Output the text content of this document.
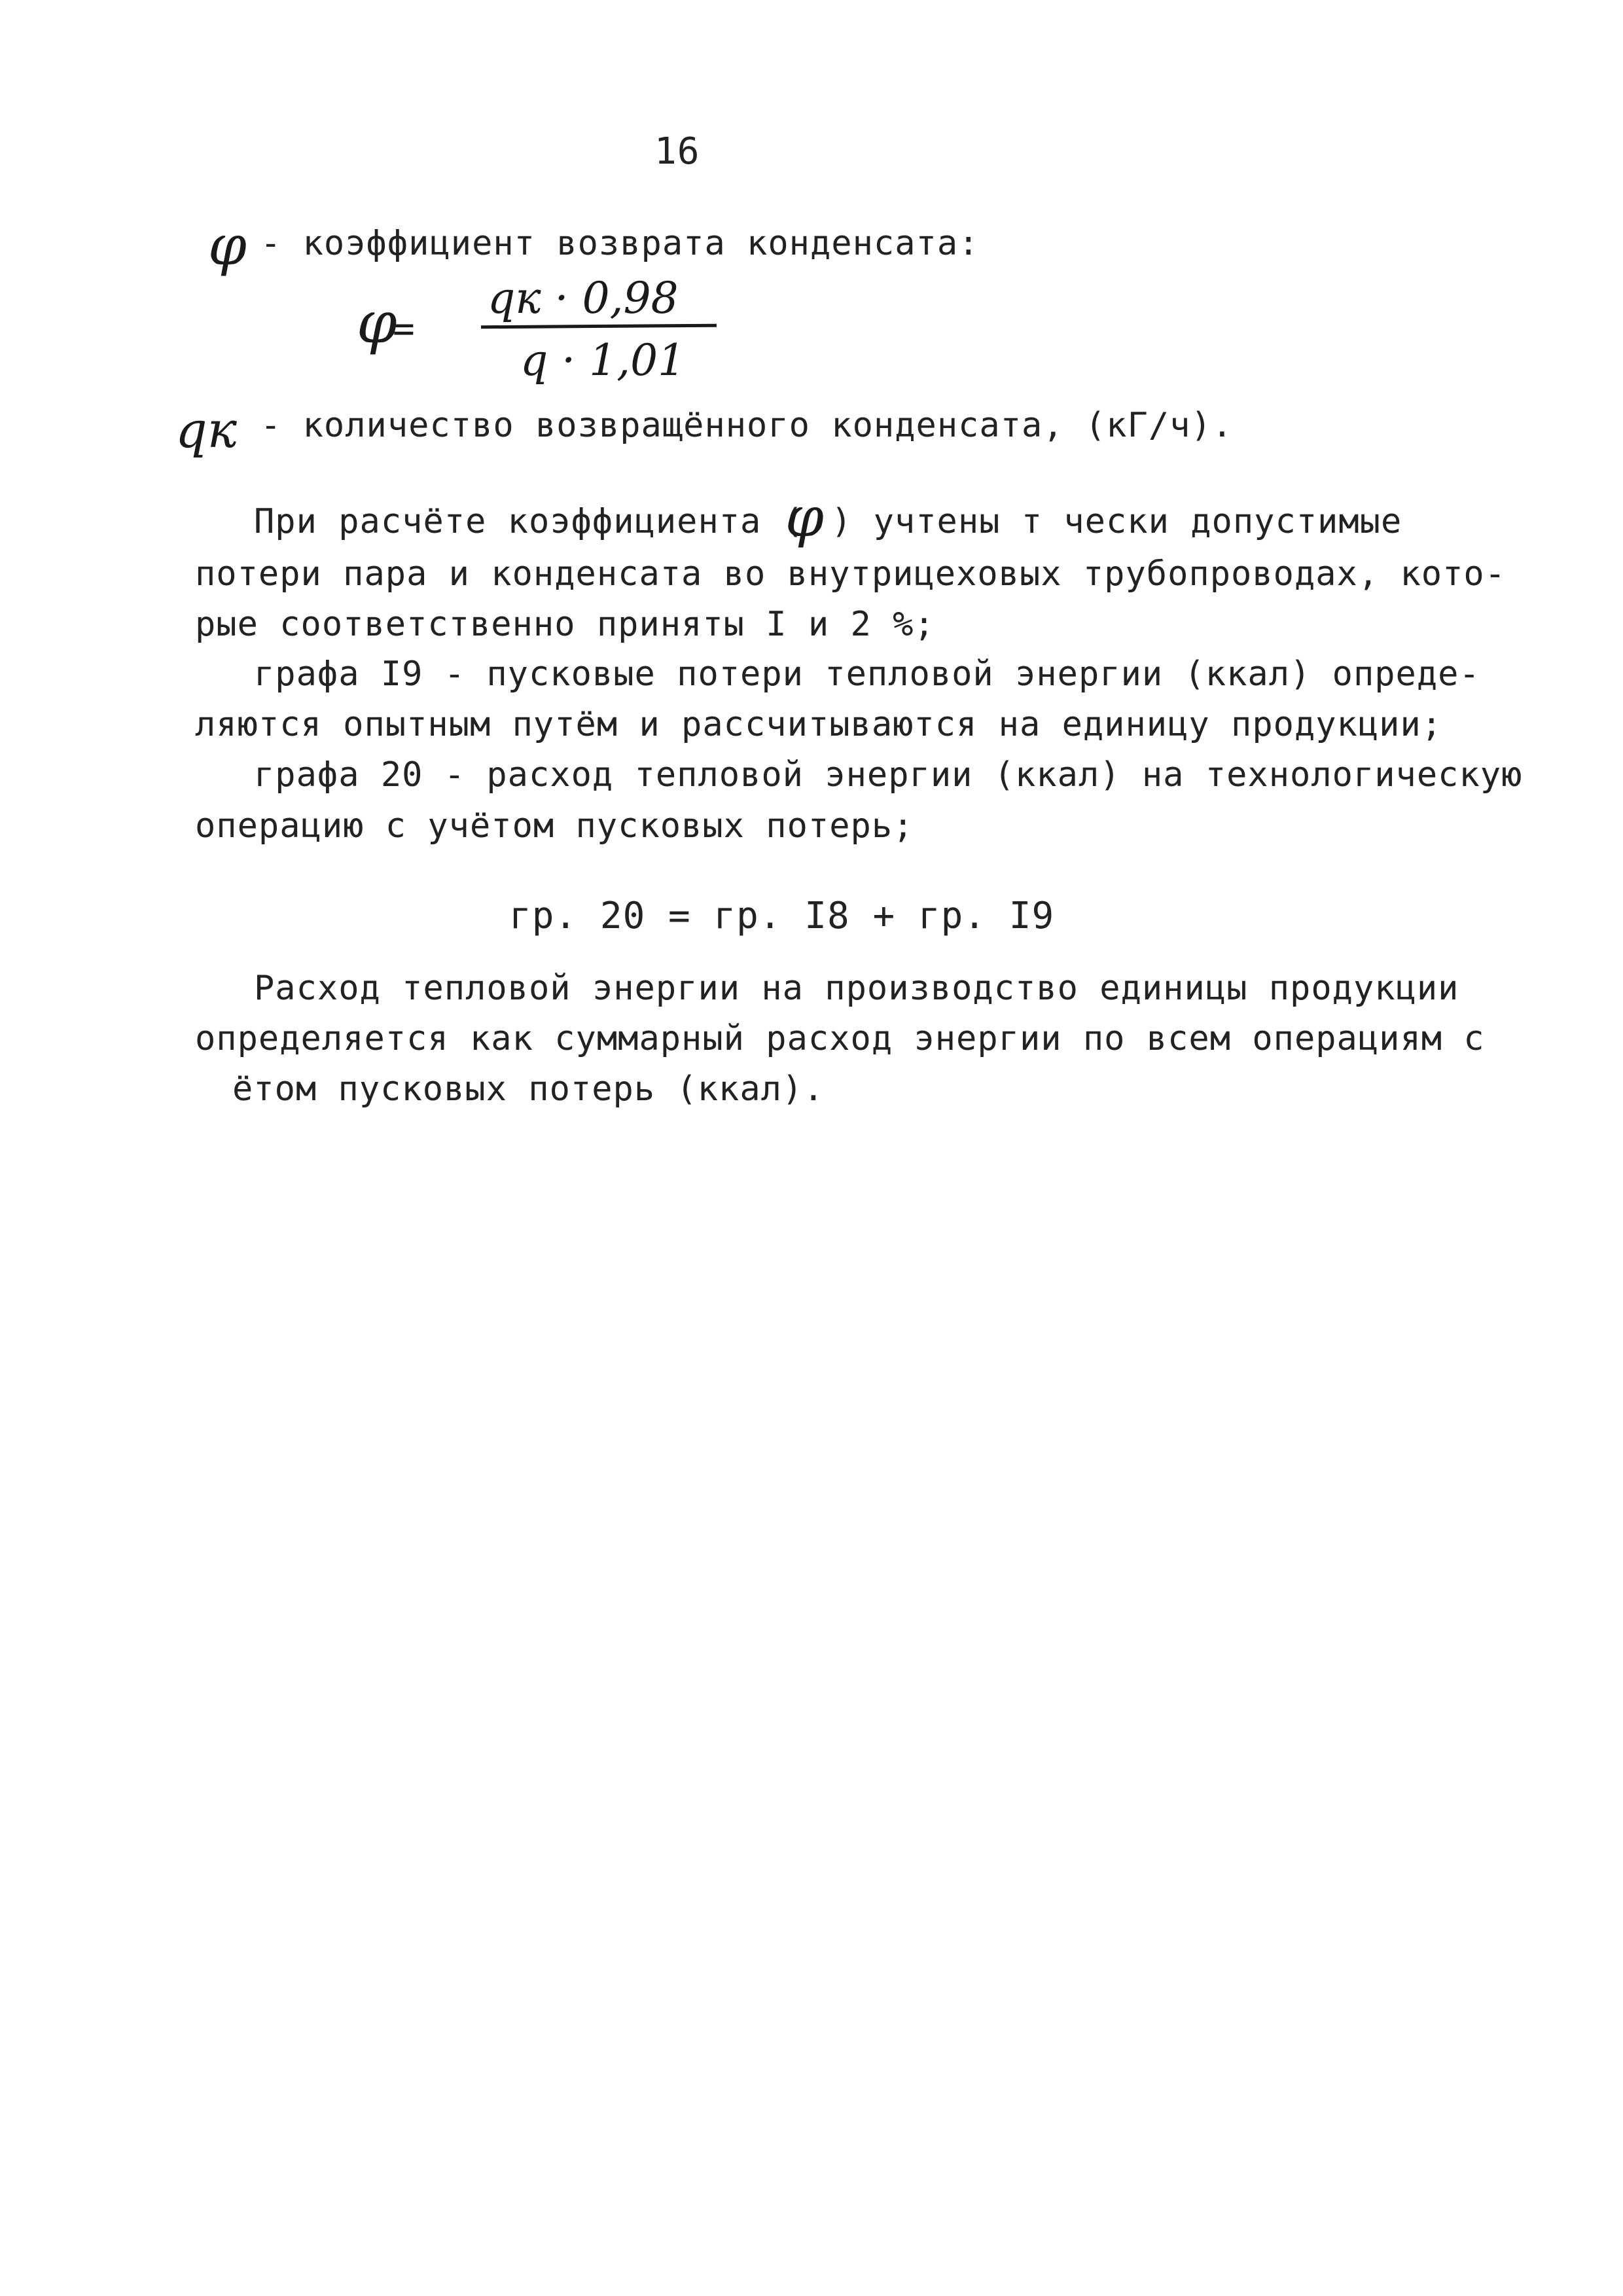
16
φ - коэффициент возврата конденсата:
φ
=
qк · 0,98
q · 1,01
qк - количество возвращённого конденсата, (кГ/ч).
При расчёте коэффициента (
φ ) учтены т чески допустимые
потери пара и конденсата во внутрицеховых трубопроводах, кото-
рые соответственно приняты I и 2 %;
графа I9 - пусковые потери тепловой энергии (ккал) опреде-
ляются опытным путём и рассчитываются на единицу продукции;
графа 20 - расход тепловой энергии (ккал) на технологическую
операцию с учётом пусковых потерь;
гр. 20 = гр. I8 + гр. I9
Расход тепловой энергии на производство единицы продукции
определяется как суммарный расход энергии по всем операциям с
ётом пусковых потерь (ккал).
